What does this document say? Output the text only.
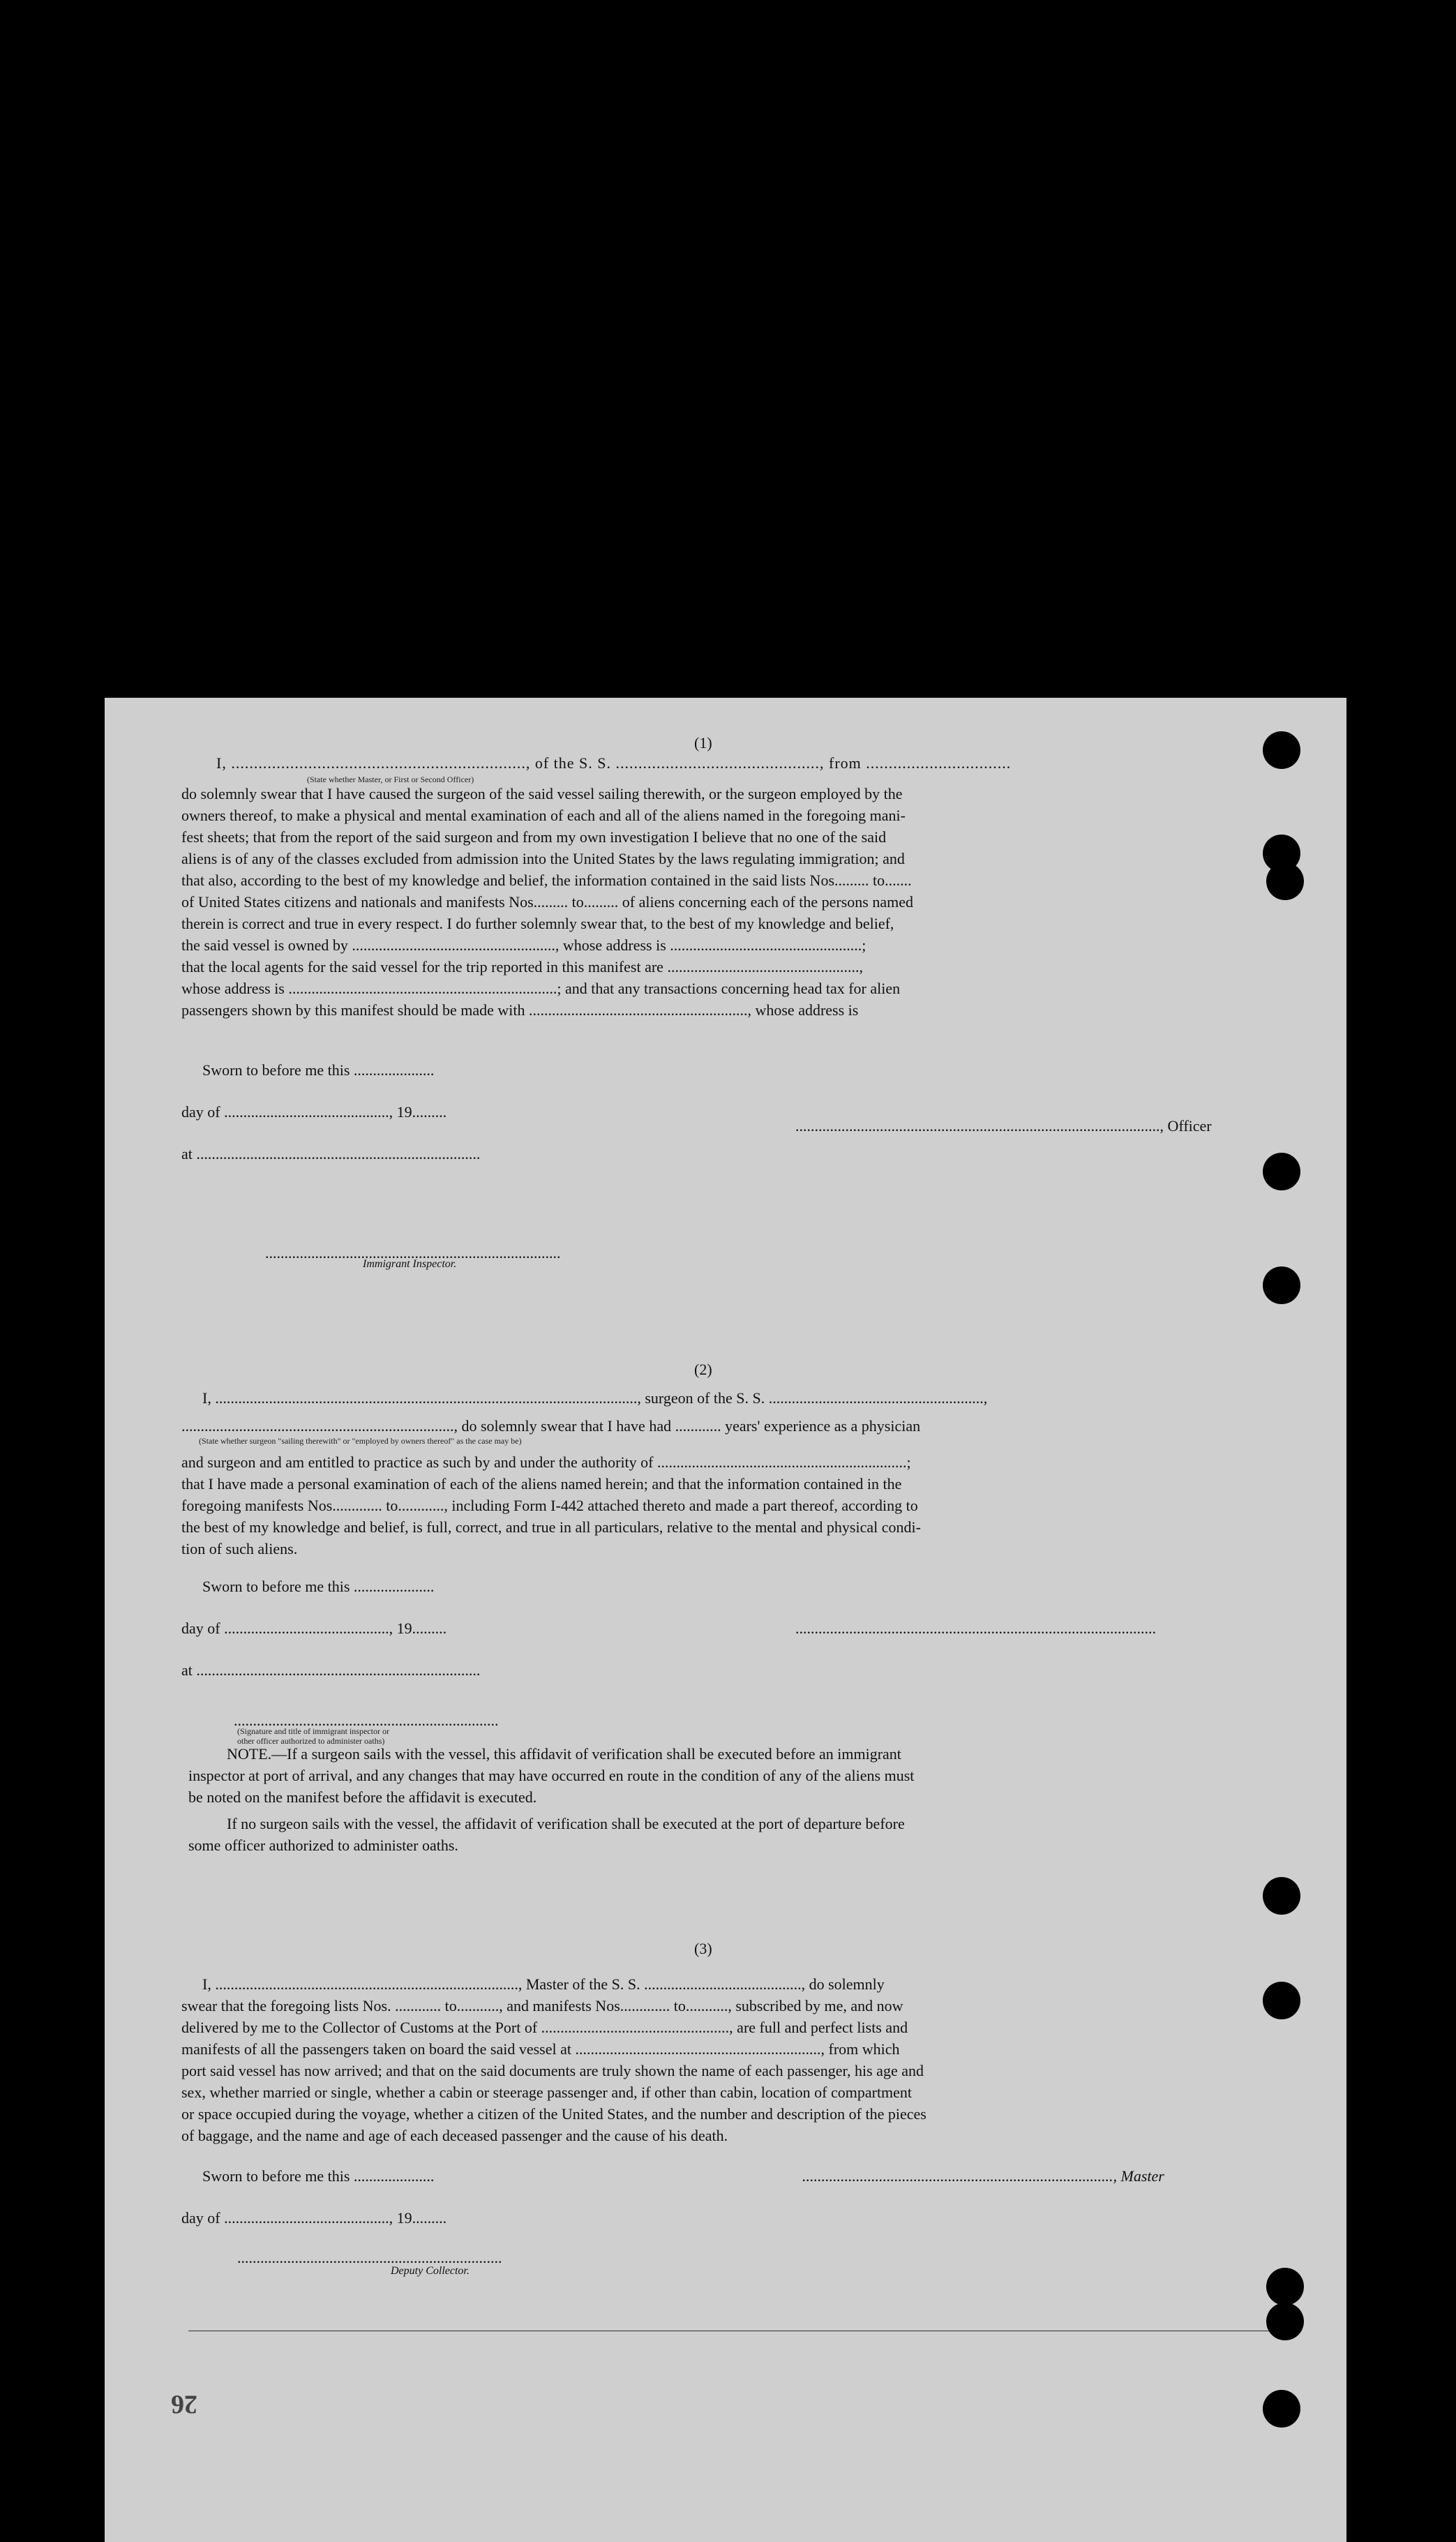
(1)
I, ................................................................., of the S. S. ............................................., from ................................
(State whether Master, or First or Second Officer)
do solemnly swear that I have caused the surgeon of the said vessel sailing therewith, or the surgeon employed by the
owners thereof, to make a physical and mental examination of each and all of the aliens named in the foregoing mani-
fest sheets; that from the report of the said surgeon and from my own investigation I believe that no one of the said
aliens is of any of the classes excluded from admission into the United States by the laws regulating immigration; and
that also, according to the best of my knowledge and belief, the information contained in the said lists Nos......... to.......
of United States citizens and nationals and manifests Nos......... to......... of aliens concerning each of the persons named
therein is correct and true in every respect. I do further solemnly swear that, to the best of my knowledge and belief,
the said vessel is owned by ....................................................., whose address is ..................................................;
that the local agents for the said vessel for the trip reported in this manifest are ..................................................,
whose address is ......................................................................; and that any transactions concerning head tax for alien
passengers shown by this manifest should be made with ........................................................., whose address is
Sworn to before me this .....................
day of ..........................................., 19.........
..............................................................................................., Officer
at ..........................................................................
.............................................................................
Immigrant Inspector.
(2)
I, .............................................................................................................., surgeon of the S. S. ........................................................,
......................................................................., do solemnly swear that I have had ............ years' experience as a physician
(State whether surgeon "sailing therewith" or "employed by owners thereof" as the case may be)
and surgeon and am entitled to practice as such by and under the authority of .................................................................;
that I have made a personal examination of each of the aliens named herein; and that the information contained in the
foregoing manifests Nos............. to............, including Form I-442 attached thereto and made a part thereof, according to
the best of my knowledge and belief, is full, correct, and true in all particulars, relative to the mental and physical condi-
tion of such aliens.
Sworn to before me this .....................
day of ..........................................., 19.........	..............................................................................................
at ..........................................................................
.....................................................................
(Signature and title of immigrant inspector or
other officer authorized to administer oaths)
NOTE.—If a surgeon sails with the vessel, this affidavit of verification shall be executed before an immigrant
inspector at port of arrival, and any changes that may have occurred en route in the condition of any of the aliens must
be noted on the manifest before the affidavit is executed.
If no surgeon sails with the vessel, the affidavit of verification shall be executed at the port of departure before
some officer authorized to administer oaths.
(3)
I, ..............................................................................., Master of the S. S. ........................................., do solemnly
swear that the foregoing lists Nos. ............ to..........., and manifests Nos............. to..........., subscribed by me, and now
delivered by me to the Collector of Customs at the Port of ................................................., are full and perfect lists and
manifests of all the passengers taken on board the said vessel at ................................................................, from which
port said vessel has now arrived; and that on the said documents are truly shown the name of each passenger, his age and
sex, whether married or single, whether a cabin or steerage passenger and, if other than cabin, location of compartment
or space occupied during the voyage, whether a citizen of the United States, and the number and description of the pieces
of baggage, and the name and age of each deceased passenger and the cause of his death.
Sworn to before me this .....................	................................................................................., Master
day of ..........................................., 19.........
.....................................................................
Deputy Collector.
26
